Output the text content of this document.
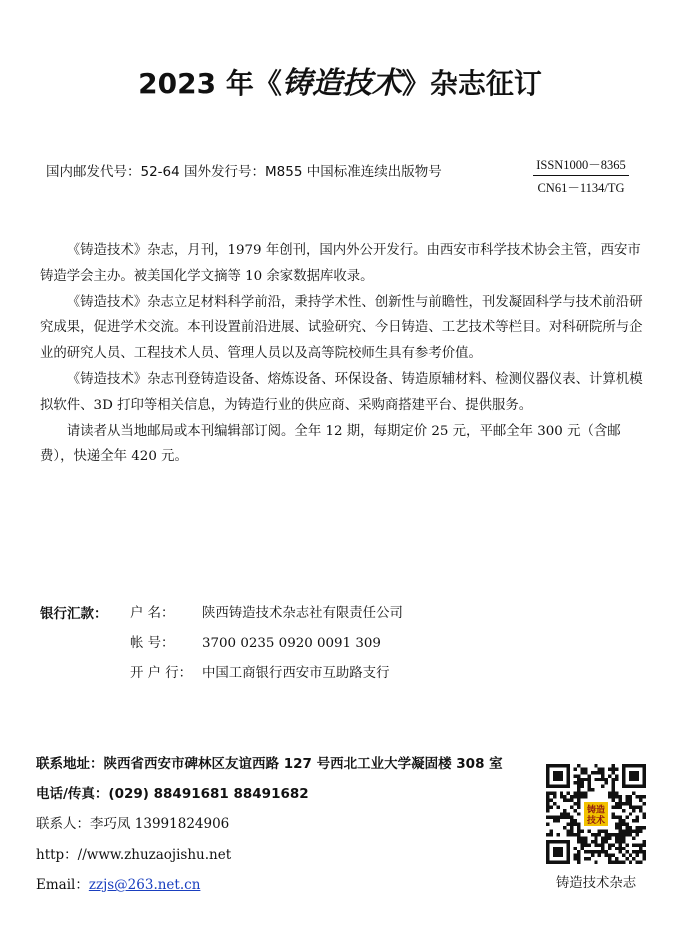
2023 年《铸造技术》杂志征订
国内邮发代号：52-64 国外发行号：M855 中国标准连续出版物号	ISSN1000－8365
CN61－1134/TG

《铸造技术》杂志，月刊，1979 年创刊，国内外公开发行。由西安市科学技术协会主管，西安市铸造学会主办。被美国化学文摘等 10 余家数据库收录。

《铸造技术》杂志立足材料科学前沿，秉持学术性、创新性与前瞻性，刊发凝固科学与技术前沿研究成果，促进学术交流。本刊设置前沿进展、试验研究、今日铸造、工艺技术等栏目。对科研院所与企业的研究人员、工程技术人员、管理人员以及高等院校师生具有参考价值。

《铸造技术》杂志刊登铸造设备、熔炼设备、环保设备、铸造原辅材料、检测仪器仪表、计算机模拟软件、3D 打印等相关信息，为铸造行业的供应商、采购商搭建平台、提供服务。

请读者从当地邮局或本刊编辑部订阅。全年 12 期，每期定价 25 元，平邮全年 300 元（含邮费），快递全年 420 元。

银行汇款： 户 名： 陕西铸造技术杂志社有限责任公司
帐 号： 3700 0235 0920 0091 309
开 户 行： 中国工商银行西安市互助路支行
联系地址：陕西省西安市碑林区友谊西路 127 号西北工业大学凝固楼 308 室
电话/传真：(029) 88491681 88491682
联系人：李巧凤 13991824906
http：//www.zhuzaojishu.net
Email：zzjs@263.net.cn
铸造
技术
铸造技术杂志
